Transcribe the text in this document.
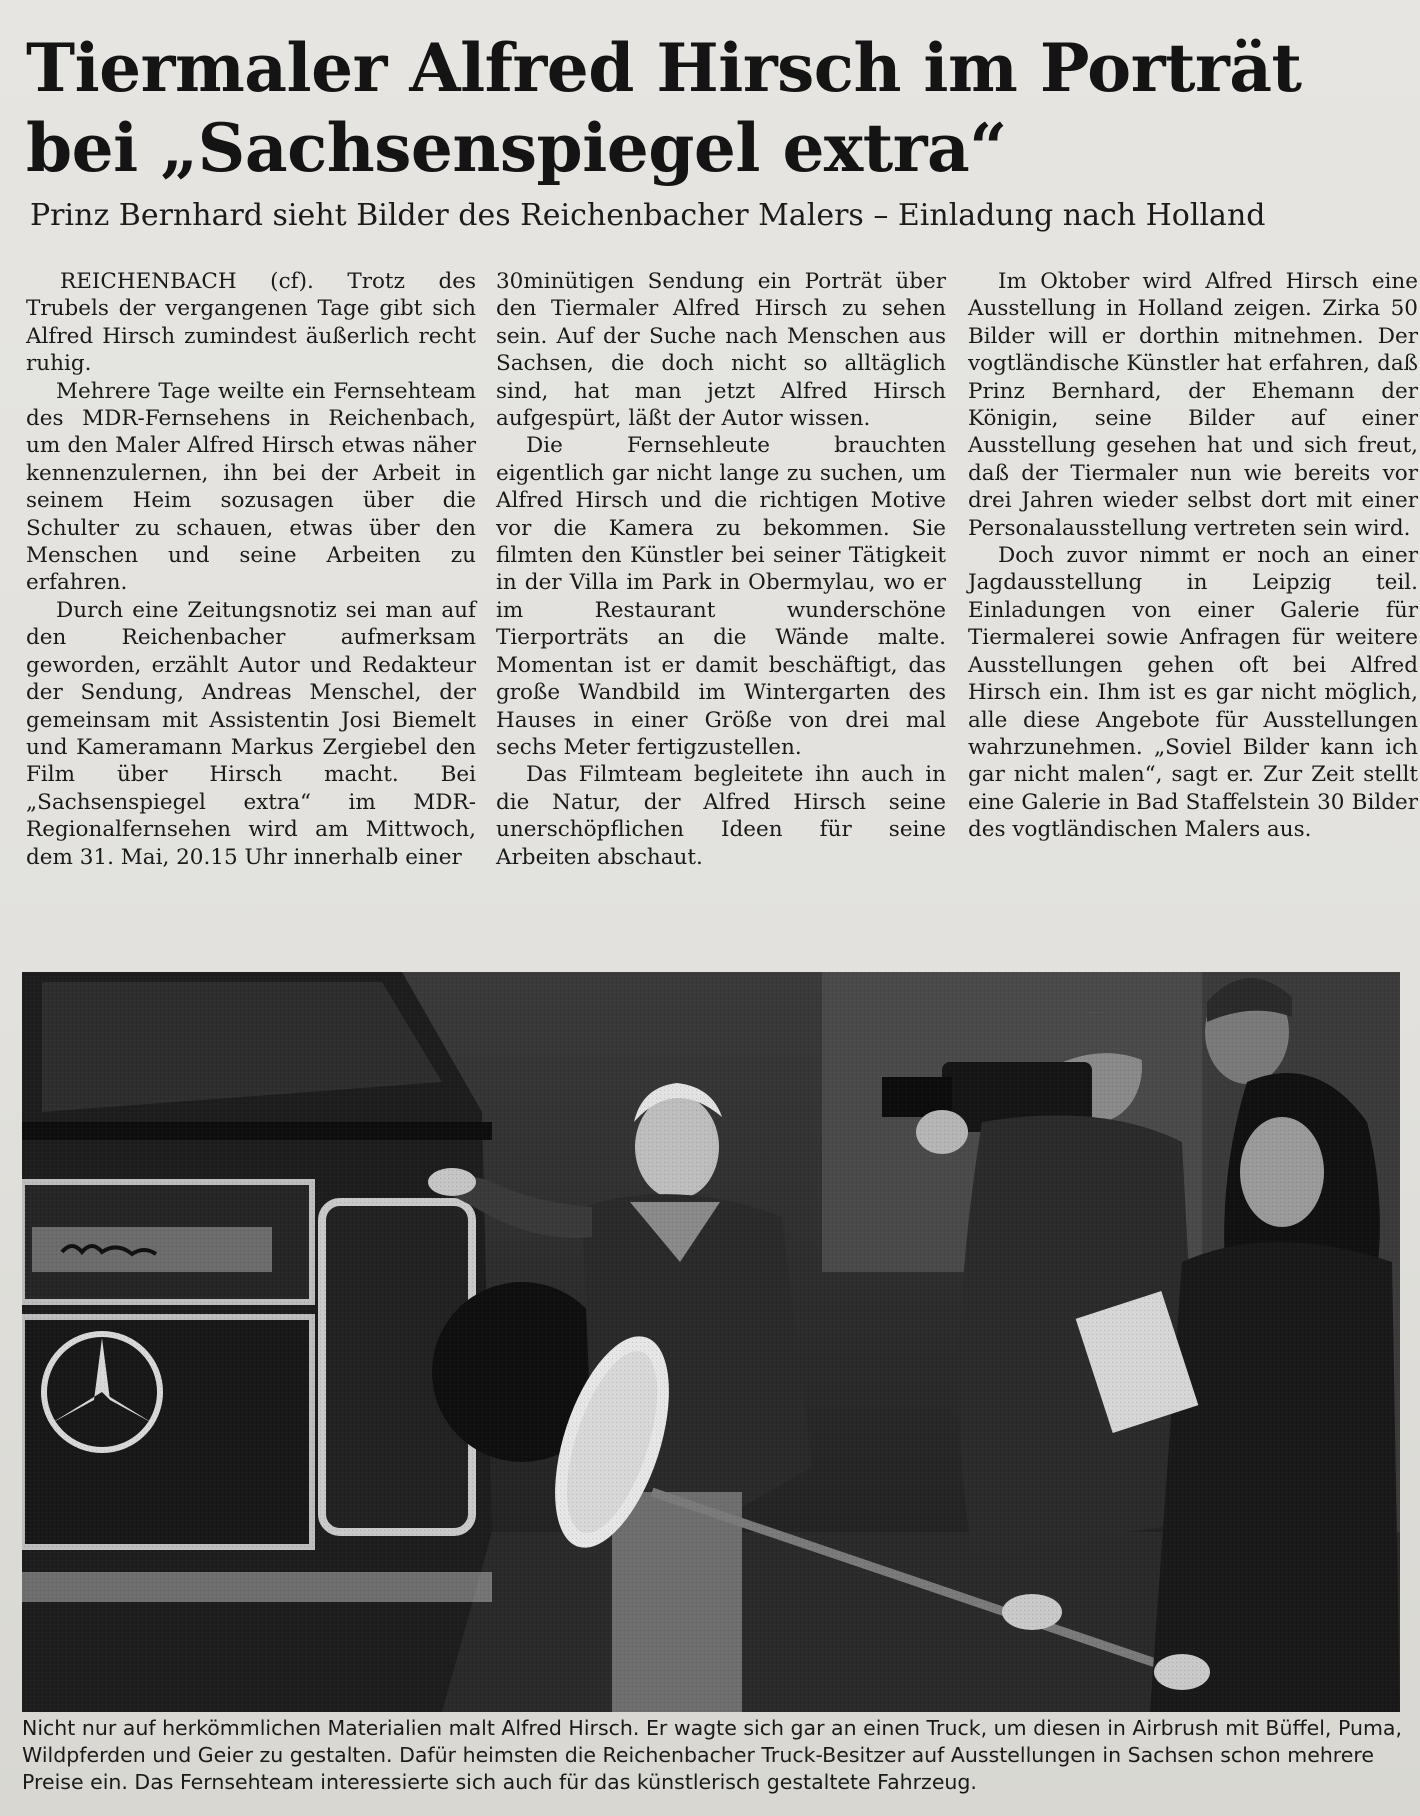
Tiermaler Alfred Hirsch im Porträt
bei „Sachsenspiegel extra“
Prinz Bernhard sieht Bilder des Reichenbacher Malers – Einladung nach Holland

REICHENBACH (cf). Trotz des Trubels der vergangenen Tage gibt sich Alfred Hirsch zumindest äußerlich recht ruhig.

Mehrere Tage weilte ein Fernsehteam des MDR-Fernsehens in Reichenbach, um den Maler Alfred Hirsch etwas näher kennenzulernen, ihn bei der Arbeit in seinem Heim sozusagen über die Schulter zu schauen, etwas über den Menschen und seine Arbeiten zu erfahren.

Durch eine Zeitungsnotiz sei man auf den Reichenbacher aufmerksam geworden, erzählt Autor und Redakteur der Sendung, Andreas Menschel, der gemeinsam mit Assistentin Josi Biemelt und Kameramann Markus Zergiebel den Film über Hirsch macht. Bei „Sachsenspiegel extra“ im MDR-Regionalfernsehen wird am Mittwoch, dem 31. Mai, 20.15 Uhr innerhalb einer

30minütigen Sendung ein Porträt über den Tiermaler Alfred Hirsch zu sehen sein. Auf der Suche nach Menschen aus Sachsen, die doch nicht so alltäglich sind, hat man jetzt Alfred Hirsch aufgespürt, läßt der Autor wissen.

Die Fernsehleute brauchten eigentlich gar nicht lange zu suchen, um Alfred Hirsch und die richtigen Motive vor die Kamera zu bekommen. Sie filmten den Künstler bei seiner Tätigkeit in der Villa im Park in Obermylau, wo er im Restaurant wunderschöne Tierporträts an die Wände malte. Momentan ist er damit beschäftigt, das große Wandbild im Wintergarten des Hauses in einer Größe von drei mal sechs Meter fertigzustellen.

Das Filmteam begleitete ihn auch in die Natur, der Alfred Hirsch seine unerschöpflichen Ideen für seine Arbeiten abschaut.

Im Oktober wird Alfred Hirsch eine Ausstellung in Holland zeigen. Zirka 50 Bilder will er dorthin mitnehmen. Der vogtländische Künstler hat erfahren, daß Prinz Bernhard, der Ehemann der Königin, seine Bilder auf einer Ausstellung gesehen hat und sich freut, daß der Tiermaler nun wie bereits vor drei Jahren wieder selbst dort mit einer Personalausstellung vertreten sein wird.

Doch zuvor nimmt er noch an einer Jagdausstellung in Leipzig teil. Einladungen von einer Galerie für Tiermalerei sowie Anfragen für weitere Ausstellungen gehen oft bei Alfred Hirsch ein. Ihm ist es gar nicht möglich, alle diese Angebote für Ausstellungen wahrzunehmen. „Soviel Bilder kann ich gar nicht malen“, sagt er. Zur Zeit stellt eine Galerie in Bad Staffelstein 30 Bilder des vogtländischen Malers aus.

Nicht nur auf herkömmlichen Materialien malt Alfred Hirsch. Er wagte sich gar an einen Truck, um diesen in Airbrush mit Büffel, Puma, Wildpferden und Geier zu gestalten. Dafür heimsten die Reichenbacher Truck-Besitzer auf Ausstellungen in Sachsen schon mehrere Preise ein. Das Fernsehteam interessierte sich auch für das künstlerisch gestaltete Fahrzeug.
